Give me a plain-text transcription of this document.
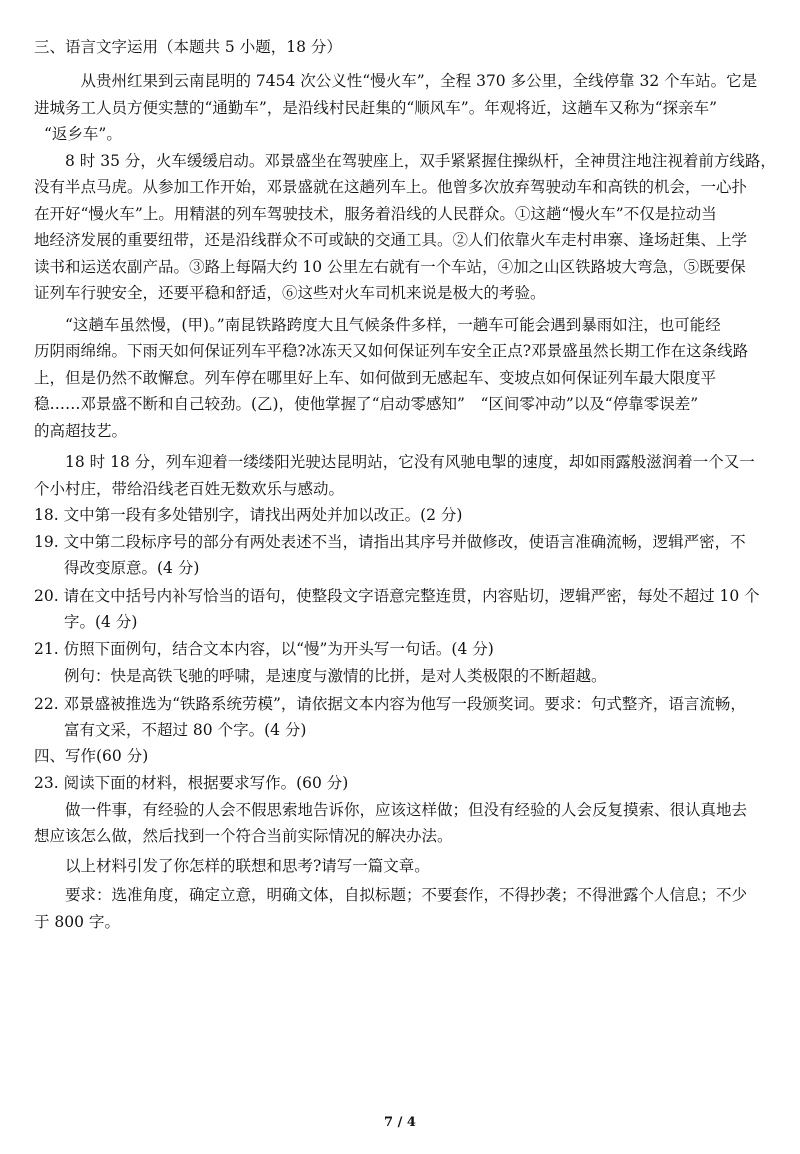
三、语言文字运用（本题共 5 小题，18 分）
　从贵州红果到云南昆明的 7454 次公义性“慢火车”，全程 370 多公里，全线停靠 32 个车站。它是
进城务工人员方便实慧的“通勤车”，是沿线村民赶集的“顺风车”。年观将近，这趟车又称为“探亲车”
“返乡车”。
8 时 35 分，火车缓缓启动。邓景盛坐在驾驶座上，双手紧紧握住操纵杆，全神贯注地注视着前方线路，
没有半点马虎。从参加工作开始，邓景盛就在这趟列车上。他曾多次放弃驾驶动车和高铁的机会，一心扑
在开好“慢火车”上。用精湛的列车驾驶技术，服务着沿线的人民群众。①这趟“慢火车”不仅是拉动当
地经济发展的重要纽带，还是沿线群众不可或缺的交通工具。②人们依靠火车走村串寨、逢场赶集、上学
读书和运送农副产品。③路上每隔大约 10 公里左右就有一个车站，④加之山区铁路坡大弯急，⑤既要保
证列车行驶安全，还要平稳和舒适，⑥这些对火车司机来说是极大的考验。
“这趟车虽然慢，(甲)。”南昆铁路跨度大且气候条件多样，一趟车可能会遇到暴雨如注，也可能经
历阴雨绵绵。下雨天如何保证列车平稳?冰冻天又如何保证列车安全正点?邓景盛虽然长期工作在这条线路
上，但是仍然不敢懈怠。列车停在哪里好上车、如何做到无感起车、变坡点如何保证列车最大限度平
稳……邓景盛不断和自己较劲。(乙)，使他掌握了“启动零感知”　“区间零冲动”以及“停靠零误差”
的高超技艺。
18 时 18 分，列车迎着一缕缕阳光驶达昆明站，它没有风驰电掣的速度，却如雨露般滋润着一个又一
个小村庄，带给沿线老百姓无数欢乐与感动。
18. 文中第一段有多处错别字，请找出两处并加以改正。(2 分)
19. 文中第二段标序号的部分有两处表述不当，请指出其序号并做修改，使语言准确流畅，逻辑严密，不
得改变原意。(4 分)
20. 请在文中括号内补写恰当的语句，使整段文字语意完整连贯，内容贴切，逻辑严密，每处不超过 10 个
字。(4 分)
21. 仿照下面例句，结合文本内容，以“慢”为开头写一句话。(4 分)
例句：快是高铁飞驰的呼啸，是速度与激情的比拼，是对人类极限的不断超越。
22. 邓景盛被推选为“铁路系统劳模”，请依据文本内容为他写一段颁奖词。要求：句式整齐，语言流畅，
富有文采，不超过 80 个字。(4 分)
四、写作(60 分)
23. 阅读下面的材料，根据要求写作。(60 分)
做一件事，有经验的人会不假思索地告诉你，应该这样做；但没有经验的人会反复摸索、很认真地去
想应该怎么做，然后找到一个符合当前实际情况的解决办法。
以上材料引发了你怎样的联想和思考?请写一篇文章。
要求：选准角度，确定立意，明确文体，自拟标题；不要套作，不得抄袭；不得泄露个人信息；不少
于 800 字。
7 / 4
